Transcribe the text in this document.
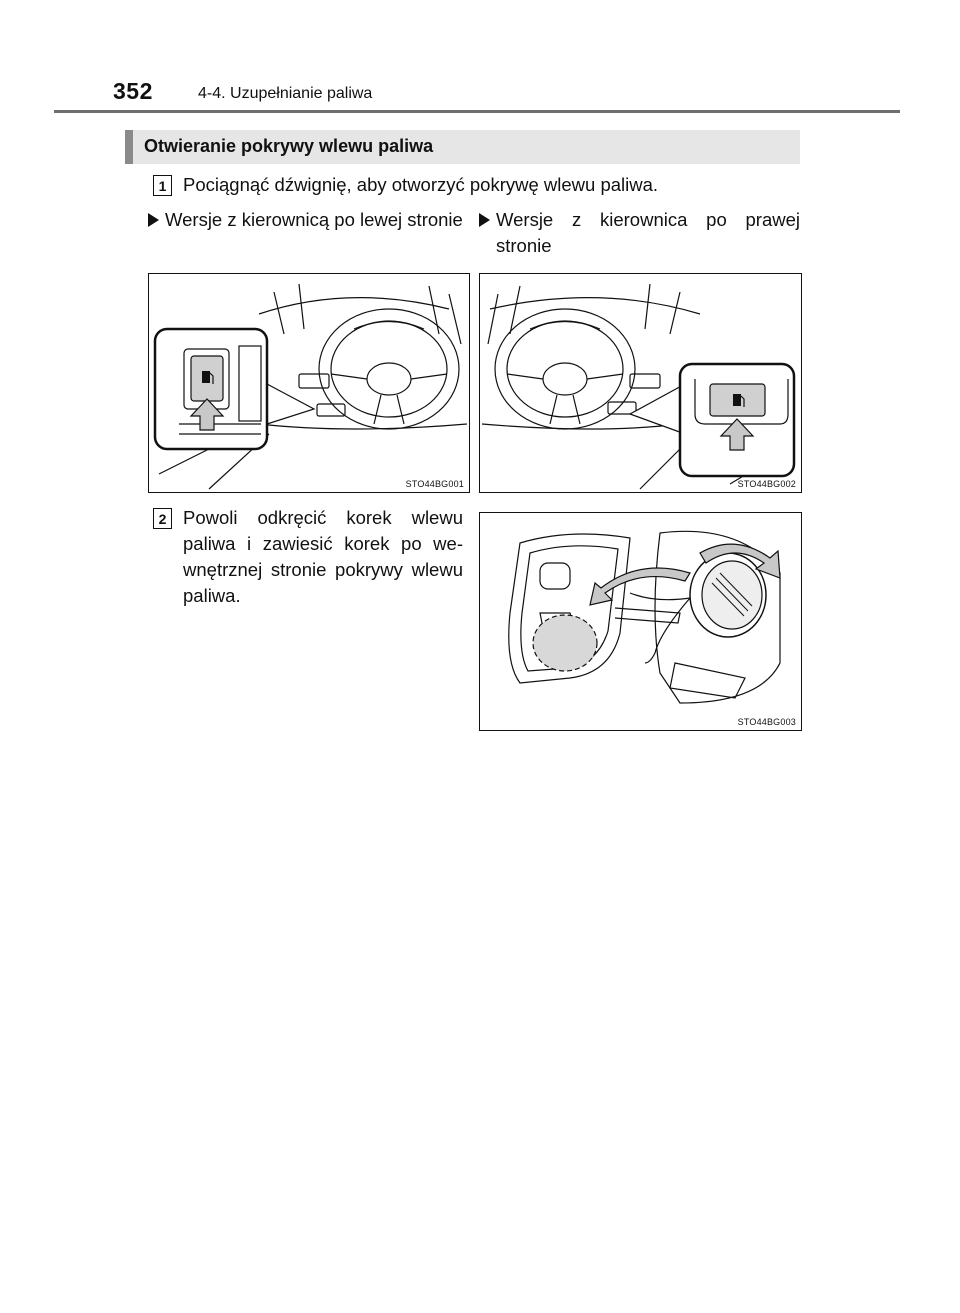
352	4-4. Uzupełnianie paliwa
Otwieranie pokrywy wlewu paliwa
1 Pociągnąć dźwignię, aby otworzyć pokrywę wlewu paliwa.
Wersje z kierownicą po lewej stronie Wersje z kierownica po prawej stronie
STO44BG001	STO44BG002
2 Powoli odkręcić korek wlewu paliwa i zawiesić korek po we-wnętrznej stronie pokrywy wlewu paliwa.
STO44BG003
